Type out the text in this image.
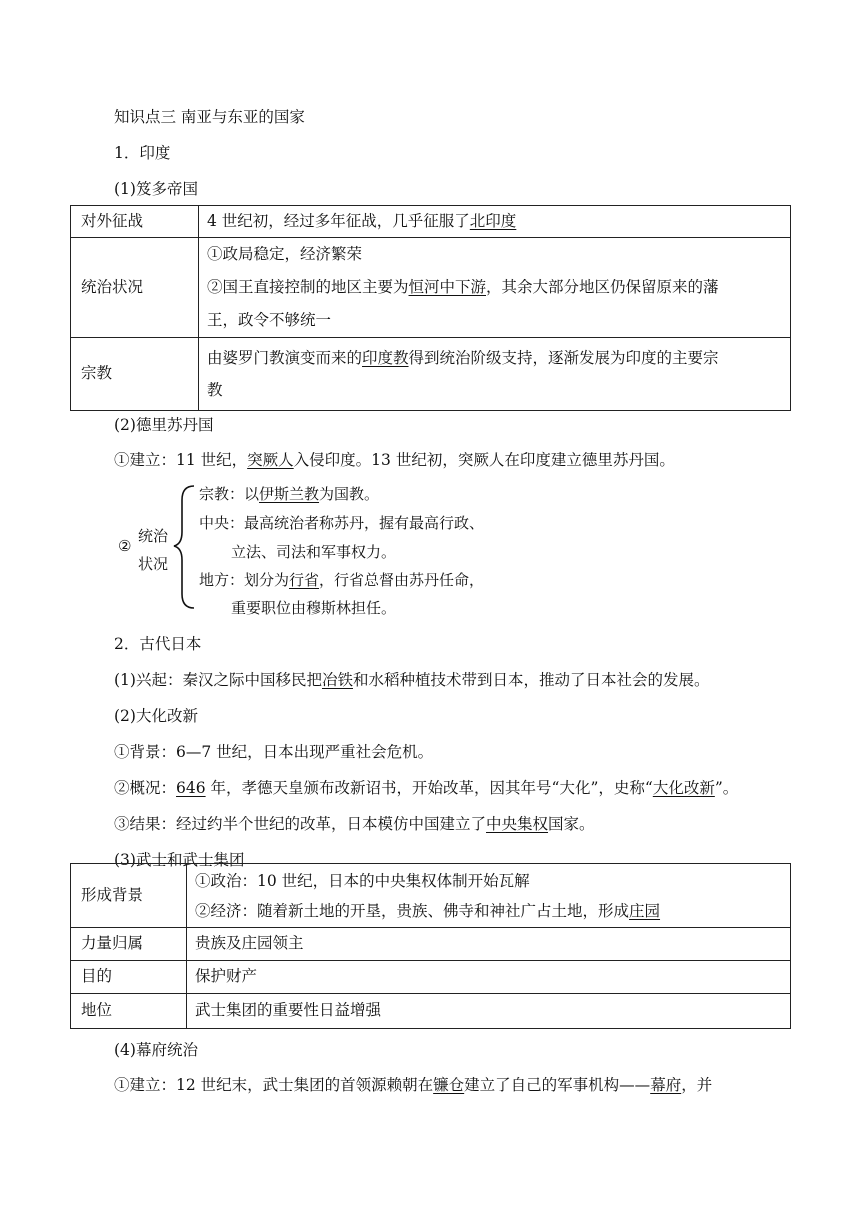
知识点三 南亚与东亚的国家
1．印度
(1)笈多帝国
对外征战	4 世纪初，经过多年征战，几乎征服了北印度
统治状况	①政局稳定，经济繁荣
②国王直接控制的地区主要为恒河中下游，其余大部分地区仍保留原来的藩
王，政令不够统一

宗教	由婆罗门教演变而来的印度教得到统治阶级支持，逐渐发展为印度的主要宗
教
(2)德里苏丹国
①建立：11 世纪，突厥人入侵印度。13 世纪初，突厥人在印度建立德里苏丹国。
②
统治
状况
宗教：以伊斯兰教为国教。
中央：最高统治者称苏丹，握有最高行政、
立法、司法和军事权力。
地方：划分为行省，行省总督由苏丹任命，
重要职位由穆斯林担任。
2．古代日本
(1)兴起：秦汉之际中国移民把冶铁和水稻种植技术带到日本，推动了日本社会的发展。
(2)大化改新
①背景：6—7 世纪，日本出现严重社会危机。
②概况：646 年，孝德天皇颁布改新诏书，开始改革，因其年号“大化”，史称“大化改新”。
③结果：经过约半个世纪的改革，日本模仿中国建立了中央集权国家。
(3)武士和武士集团
形成背景	①政治：10 世纪，日本的中央集权体制开始瓦解
②经济：随着新土地的开垦，贵族、佛寺和神社广占土地，形成庄园

力量归属	贵族及庄园领主
目的	保护财产
地位	武士集团的重要性日益增强
(4)幕府统治
①建立：12 世纪末，武士集团的首领源赖朝在镰仓建立了自己的军事机构——幕府，并
